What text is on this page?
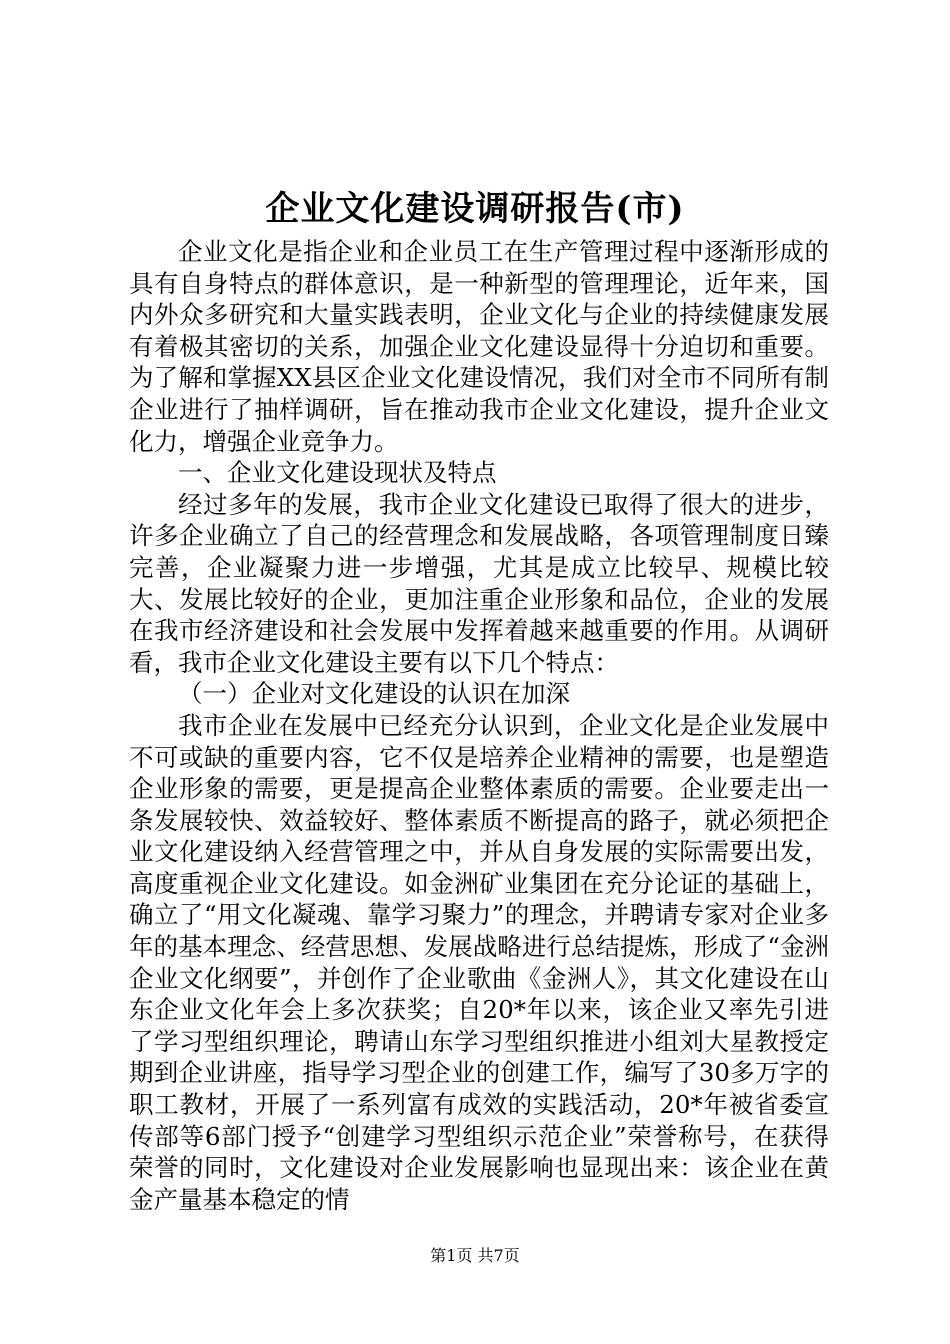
企业文化建设调研报告(市)

企业文化是指企业和企业员工在生产管理过程中逐渐形成的具有自身特点的群体意识，是一种新型的管理理论，近年来，国内外众多研究和大量实践表明，企业文化与企业的持续健康发展有着极其密切的关系，加强企业文化建设显得十分迫切和重要。为了解和掌握XX县区企业文化建设情况，我们对全市不同所有制企业进行了抽样调研，旨在推动我市企业文化建设，提升企业文化力，增强企业竞争力。

一、企业文化建设现状及特点

经过多年的发展，我市企业文化建设已取得了很大的进步，许多企业确立了自己的经营理念和发展战略，各项管理制度日臻完善，企业凝聚力进一步增强，尤其是成立比较早、规模比较大、发展比较好的企业，更加注重企业形象和品位，企业的发展在我市经济建设和社会发展中发挥着越来越重要的作用。从调研看，我市企业文化建设主要有以下几个特点：

（一）企业对文化建设的认识在加深

我市企业在发展中已经充分认识到，企业文化是企业发展中不可或缺的重要内容，它不仅是培养企业精神的需要，也是塑造企业形象的需要，更是提高企业整体素质的需要。企业要走出一条发展较快、效益较好、整体素质不断提高的路子，就必须把企业文化建设纳入经营管理之中，并从自身发展的实际需要出发，高度重视企业文化建设。如金洲矿业集团在充分论证的基础上，确立了“用文化凝魂、靠学习聚力”的理念，并聘请专家对企业多年的基本理念、经营思想、发展战略进行总结提炼，形成了“金洲企业文化纲要”，并创作了企业歌曲《金洲人》，其文化建设在山东企业文化年会上多次获奖；自20*年以来，该企业又率先引进了学习型组织理论，聘请山东学习型组织推进小组刘大星教授定期到企业讲座，指导学习型企业的创建工作，编写了30多万字的职工教材，开展了一系列富有成效的实践活动，20*年被省委宣传部等6部门授予“创建学习型组织示范企业”荣誉称号，在获得荣誉的同时，文化建设对企业发展影响也显现出来：该企业在黄金产量基本稳定的情

第1页 共7页
